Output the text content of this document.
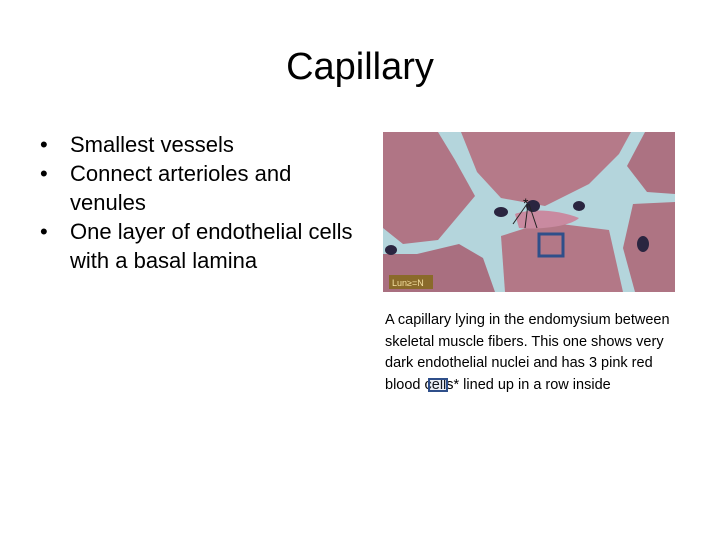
Capillary
• Smallest vessels
• Connect arterioles and venules
• One layer of endothelial cells with a basal lamina
*
Lun≥=N

A capillary lying in the endomysium between skeletal muscle fibers. This one shows very dark endothelial nuclei and has 3 pink red blood cells* lined up in a row inside
